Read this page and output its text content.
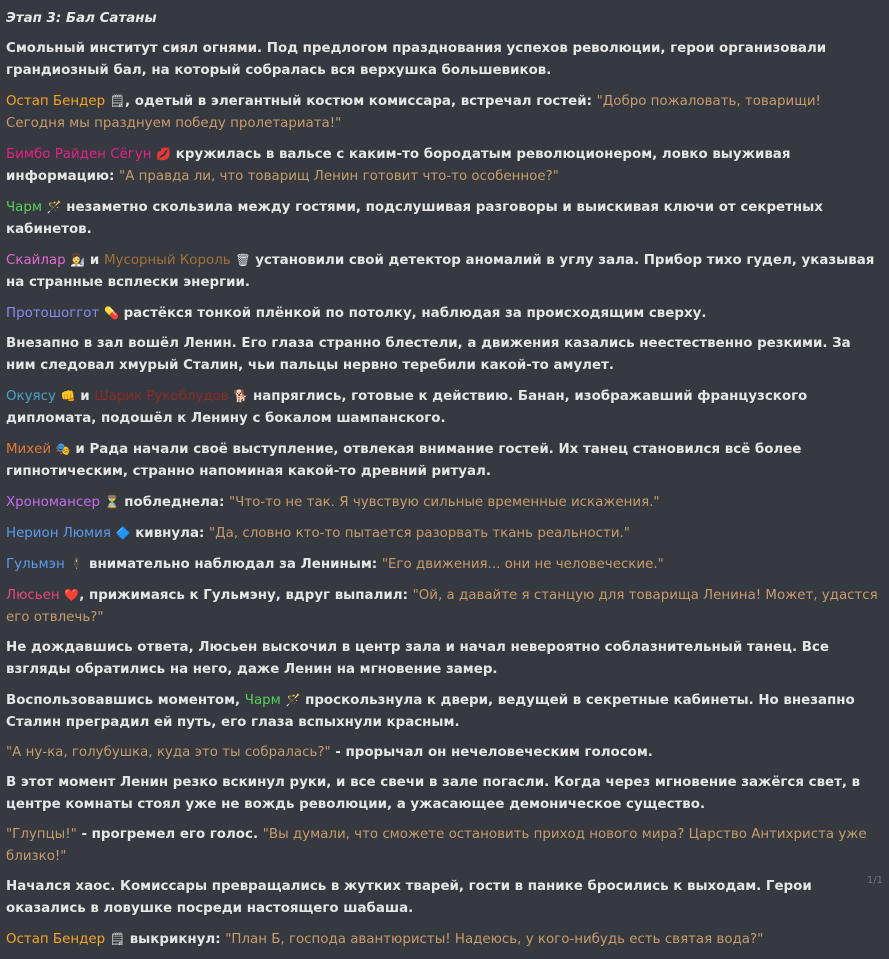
Этап 3: Бал Сатаны
Смольный институт сиял огнями. Под предлогом празднования успехов революции, герои организовали грандиозный бал, на который собралась вся верхушка большевиков.
Остап Бендер 🗒, одетый в элегантный костюм комиссара, встречал гостей: "Добро пожаловать, товарищи! Сегодня мы празднуем победу пролетариата!"
Бимбо Райден Сёгун 💋 кружилась в вальсе с каким-то бородатым революционером, ловко выуживая информацию: "А правда ли, что товарищ Ленин готовит что-то особенное?"
Чарм 🪄 незаметно скользила между гостями, подслушивая разговоры и выискивая ключи от секретных кабинетов.
Скайлар 👩‍🔬 и Мусорный Король 🗑 установили свой детектор аномалий в углу зала. Прибор тихо гудел, указывая на странные всплески энергии.
Протошоггот 💊 растёкся тонкой плёнкой по потолку, наблюдая за происходящим сверху.
Внезапно в зал вошёл Ленин. Его глаза странно блестели, а движения казались неестественно резкими. За ним следовал хмурый Сталин, чьи пальцы нервно теребили какой-то амулет.
Окуясу 👊 и Шарик Рукоблудов 🐕 напряглись, готовые к действию. Банан, изображавший французского дипломата, подошёл к Ленину с бокалом шампанского.
Михей 🎭 и Рада начали своё выступление, отвлекая внимание гостей. Их танец становился всё более гипнотическим, странно напоминая какой-то древний ритуал.
Хрономансер ⏳ побледнела: "Что-то не так. Я чувствую сильные временные искажения."
Нерион Люмия 🔷 кивнула: "Да, словно кто-то пытается разорвать ткань реальности."
Гульмэн 🕴 внимательно наблюдал за Лениным: "Его движения... они не человеческие."
Люсьен ❤️, прижимаясь к Гульмэну, вдруг выпалил: "Ой, а давайте я станцую для товарища Ленина! Может, удастся его отвлечь?"
Не дождавшись ответа, Люсьен выскочил в центр зала и начал невероятно соблазнительный танец. Все взгляды обратились на него, даже Ленин на мгновение замер.
Воспользовавшись моментом, Чарм 🪄 проскользнула к двери, ведущей в секретные кабинеты. Но внезапно Сталин преградил ей путь, его глаза вспыхнули красным.
"А ну-ка, голубушка, куда это ты собралась?" - прорычал он нечеловеческим голосом.
В этот момент Ленин резко вскинул руки, и все свечи в зале погасли. Когда через мгновение зажёгся свет, в центре комнаты стоял уже не вождь революции, а ужасающее демоническое существо.
"Глупцы!" - прогремел его голос. "Вы думали, что сможете остановить приход нового мира? Царство Антихриста уже близко!"
Начался хаос. Комиссары превращались в жутких тварей, гости в панике бросились к выходам. Герои оказались в ловушке посреди настоящего шабаша.
Остап Бендер 🗒 выкрикнул: "План Б, господа авантюристы! Надеюсь, у кого-нибудь есть святая вода?"
1/1
